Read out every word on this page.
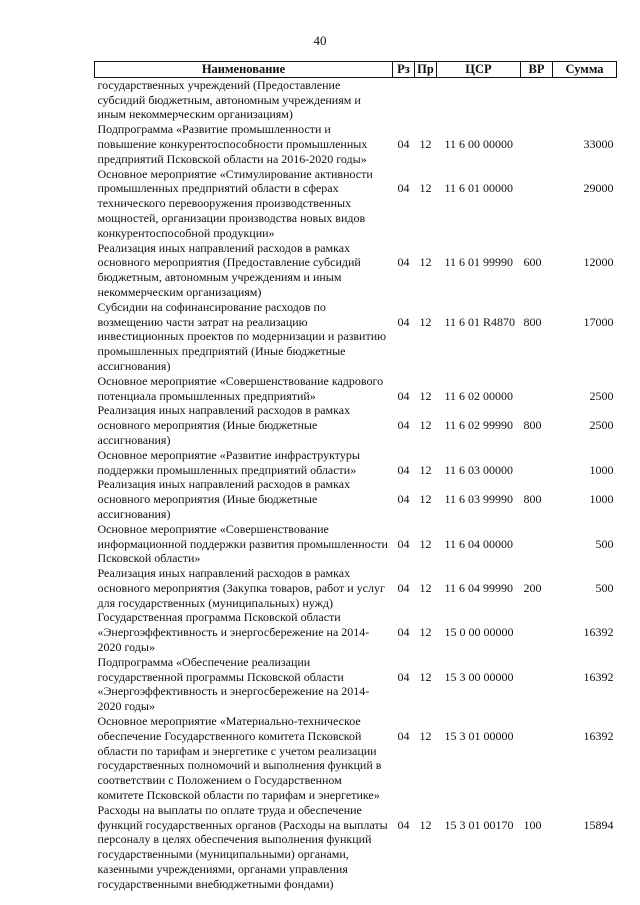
40
Наименование	Рз	Пр	ЦСР	ВР	Сумма
государственных учреждений (Предоставление субсидий бюджетным, автономным учреждениям и иным некоммерческим организациям)					
Подпрограмма «Развитие промышленности и повышение конкурентоспособности промышленных предприятий Псковской области на 2016-2020 годы»	04	12	11 6 00 00000		33000
Основное мероприятие «Стимулирование активности промышленных предприятий области в сферах технического перевооружения производственных мощностей, организации производства новых видов конкурентоспособной продукции»	04	12	11 6 01 00000		29000
Реализация иных направлений расходов в рамках основного мероприятия (Предоставление субсидий бюджетным, автономным учреждениям и иным некоммерческим организациям)	04	12	11 6 01 99990	600	12000
Субсидии на софинансирование расходов по возмещению части затрат на реализацию инвестиционных проектов по модернизации и развитию промышленных предприятий (Иные бюджетные ассигнования)	04	12	11 6 01 R4870	800	17000
Основное мероприятие «Совершенствование кадрового потенциала промышленных предприятий»	04	12	11 6 02 00000		2500
Реализация иных направлений расходов в рамках основного мероприятия (Иные бюджетные ассигнования)	04	12	11 6 02 99990	800	2500
Основное мероприятие «Развитие инфраструктуры поддержки промышленных предприятий области»	04	12	11 6 03 00000		1000
Реализация иных направлений расходов в рамках основного мероприятия (Иные бюджетные ассигнования)	04	12	11 6 03 99990	800	1000
Основное мероприятие «Совершенствование информационной поддержки развития промышленности Псковской области»	04	12	11 6 04 00000		500
Реализация иных направлений расходов в рамках основного мероприятия (Закупка товаров, работ и услуг для государственных (муниципальных) нужд)	04	12	11 6 04 99990	200	500
Государственная программа Псковской области «Энергоэффективность и энергосбережение на 2014-2020 годы»	04	12	15 0 00 00000		16392
Подпрограмма «Обеспечение реализации государственной программы Псковской области «Энергоэффективность и энергосбережение на 2014-2020 годы»	04	12	15 3 00 00000		16392
Основное мероприятие «Материально-техническое обеспечение Государственного комитета Псковской области по тарифам и энергетике с учетом реализации государственных полномочий и выполнения функций в соответствии с Положением о Государственном комитете Псковской области по тарифам и энергетике»	04	12	15 3 01 00000		16392
Расходы на выплаты по оплате труда и обеспечение функций государственных органов (Расходы на выплаты персоналу в целях обеспечения выполнения функций государственными (муниципальными) органами, казенными учреждениями, органами управления государственными внебюджетными фондами)	04	12	15 3 01 00170	100	15894
